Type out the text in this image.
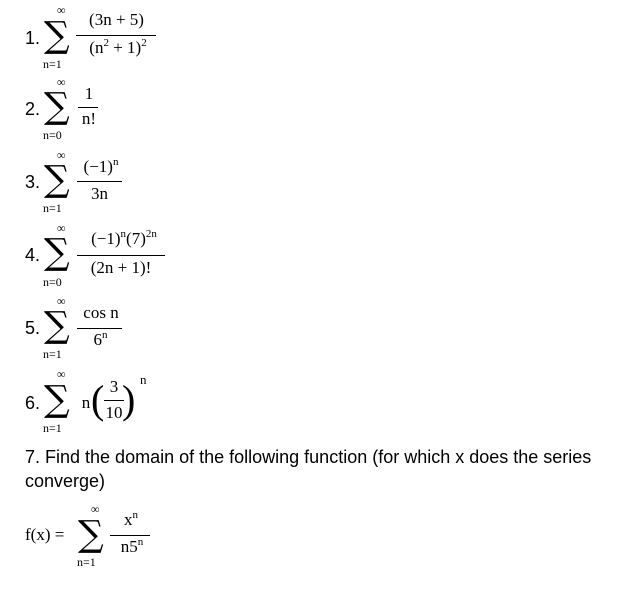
1.
∞
∑
n=1
(3n + 5)
$(n^2 + 1)^2$
2.
∞
∑
n=0
1
n!
3.
∞
∑
n=1
$(-1)^n$
3n
4.
∞
∑
n=0
$(-1)^n(7)^{2n}$
(2n + 1)!
5.
∞
∑
n=1
cos n
6$^n$
6.
∞
∑
n=1
n ( 3
10 ) n
7. Find the domain of the following function (for which x does the series
converge)
f(x) =
∞
∑
n=1
$x^n$
n5$^n$
